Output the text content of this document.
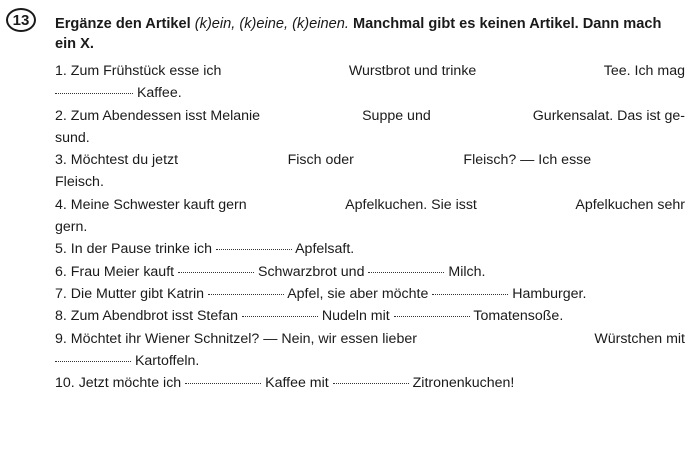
13	Ergänze den Artikel (k)ein, (k)eine, (k)einen. Manchmal gibt es keinen Artikel. Dann mach
ein X.
1. Zum Frühstück esse ich	Wurstbrot und trinke	Tee. Ich mag
Kaffee.
2. Zum Abendessen isst Melanie	Suppe und	Gurkensalat. Das ist ge-
sund.
3. Möchtest du jetzt	Fisch oder	Fleisch? — Ich esse
Fleisch.
4. Meine Schwester kauft gern	Apfelkuchen. Sie isst	Apfelkuchen sehr
gern.
5. In der Pause trinke ich	Apfelsaft.
6. Frau Meier kauft	Schwarzbrot und	Milch.
7. Die Mutter gibt Katrin	Apfel, sie aber möchte	Hamburger.
8. Zum Abendbrot isst Stefan	Nudeln mit	Tomatensoße.
9. Möchtet ihr Wiener Schnitzel? — Nein, wir essen lieber	Würstchen mit
Kartoffeln.
10. Jetzt möchte ich	Kaffee mit	Zitronenkuchen!
